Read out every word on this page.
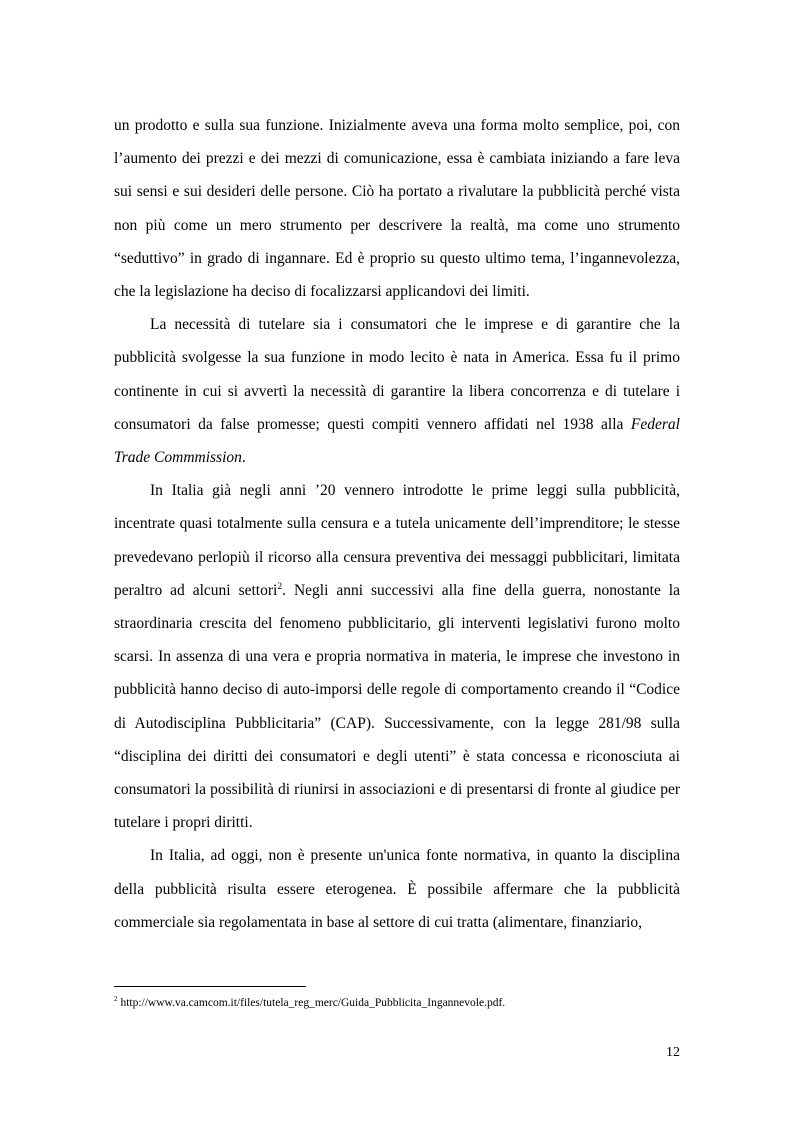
un prodotto e sulla sua funzione. Inizialmente aveva una forma molto semplice, poi, con l’aumento dei prezzi e dei mezzi di comunicazione, essa è cambiata iniziando a fare leva sui sensi e sui desideri delle persone. Ciò ha portato a rivalutare la pubblicità perché vista non più come un mero strumento per descrivere la realtà, ma come uno strumento “seduttivo” in grado di ingannare. Ed è proprio su questo ultimo tema, l’ingannevolezza, che la legislazione ha deciso di focalizzarsi applicandovi dei limiti.

La necessità di tutelare sia i consumatori che le imprese e di garantire che la pubblicità svolgesse la sua funzione in modo lecito è nata in America. Essa fu il primo continente in cui si avvertì la necessità di garantire la libera concorrenza e di tutelare i consumatori da false promesse; questi compiti vennero affidati nel 1938 alla Federal Trade Commmission.

In Italia già negli anni ’20 vennero introdotte le prime leggi sulla pubblicità, incentrate quasi totalmente sulla censura e a tutela unicamente dell’imprenditore; le stesse prevedevano perlopiù il ricorso alla censura preventiva dei messaggi pubblicitari, limitata peraltro ad alcuni settori$^2$. Negli anni successivi alla fine della guerra, nonostante la straordinaria crescita del fenomeno pubblicitario, gli interventi legislativi furono molto scarsi. In assenza di una vera e propria normativa in materia, le imprese che investono in pubblicità hanno deciso di auto-imporsi delle regole di comportamento creando il “Codice di Autodisciplina Pubblicitaria” (CAP). Successivamente, con la legge 281/98 sulla “disciplina dei diritti dei consumatori e degli utenti” è stata concessa e riconosciuta ai consumatori la possibilità di riunirsi in associazioni e di presentarsi di fronte al giudice per tutelare i propri diritti.

In Italia, ad oggi, non è presente un'unica fonte normativa, in quanto la disciplina della pubblicità risulta essere eterogenea. È possibile affermare che la pubblicità commerciale sia regolamentata in base al settore di cui tratta (alimentare, finanziario,

$^2$ http://www.va.camcom.it/files/tutela_reg_merc/Guida_Pubblicita_Ingannevole.pdf.
12
